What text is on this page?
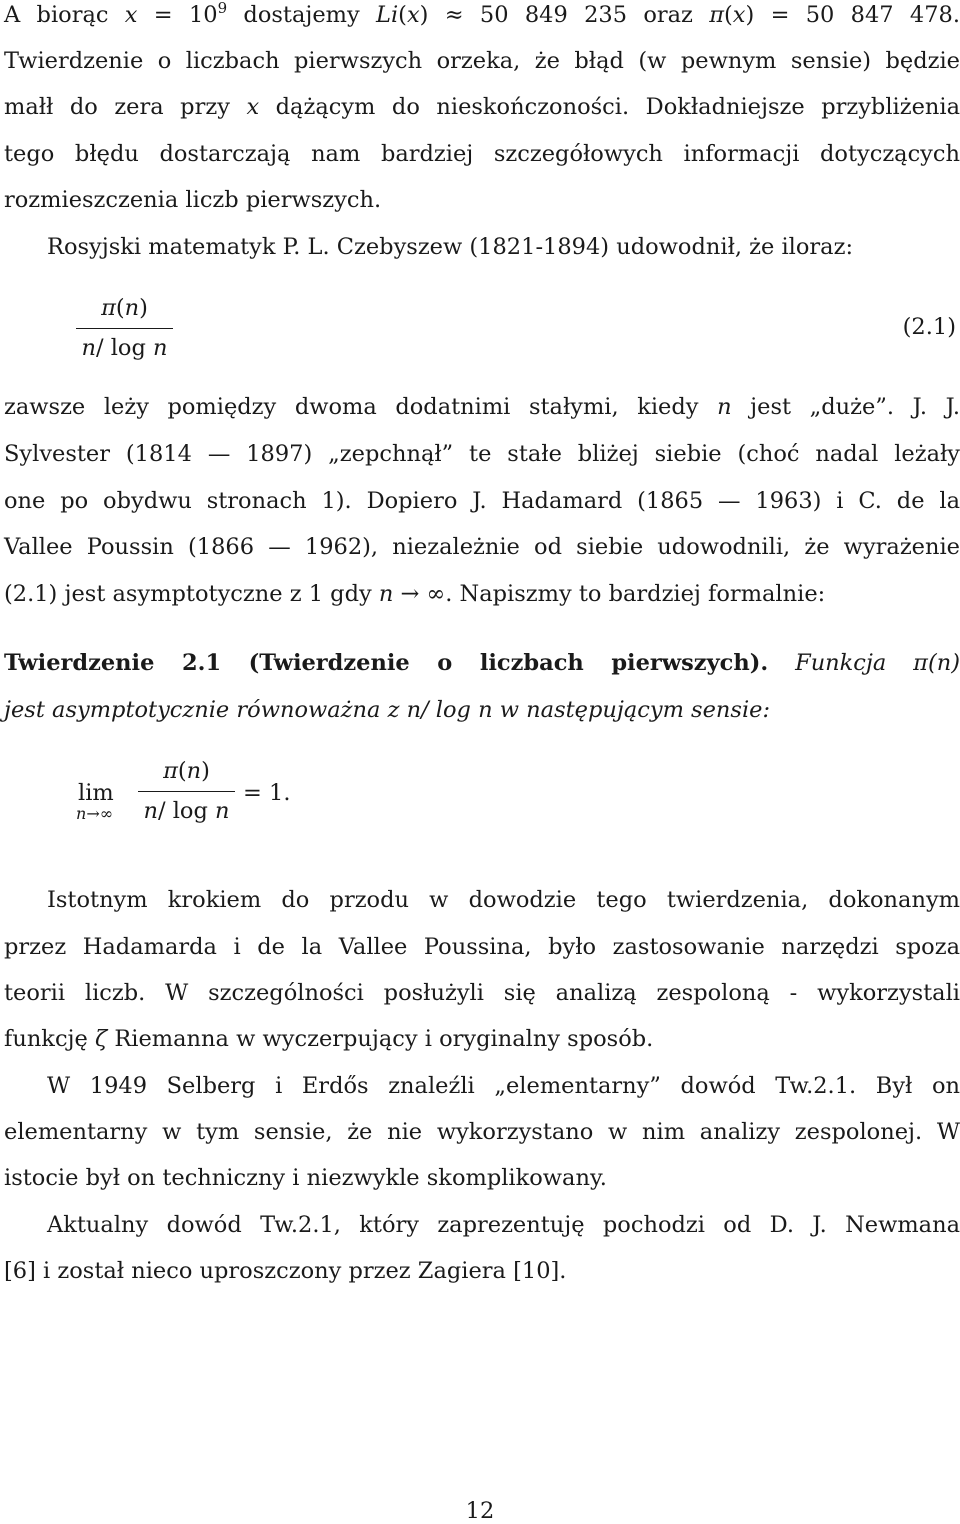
A biorąc $x = 10^9$ dostajemy Li(x) ≈ 50 849 235 oraz π(x) = 50 847 478.
Twierdzenie o liczbach pierwszych orzeka, że błąd (w pewnym sensie) będzie
małł do zera przy x dążącym do nieskończoności. Dokładniejsze przybliżenia
tego błędu dostarczają nam bardziej szczegółowych informacji dotyczących
rozmieszczenia liczb pierwszych.
Rosyjski matematyk P. L. Czebyszew (1821-1894) udowodnił, że iloraz:
π(n)
n/ log n
(2.1)
zawsze leży pomiędzy dwoma dodatnimi stałymi, kiedy n jest „duże”. J. J.
Sylvester (1814 — 1897) „zepchnął” te stałe bliżej siebie (choć nadal leżały
one po obydwu stronach 1). Dopiero J. Hadamard (1865 — 1963) i C. de la
Vallee Poussin (1866 — 1962), niezależnie od siebie udowodnili, że wyrażenie
(2.1) jest asymptotyczne z 1 gdy n → ∞. Napiszmy to bardziej formalnie:
Twierdzenie 2.1 (Twierdzenie o liczbach pierwszych). Funkcja π(n)
jest asymptotycznie równoważna z n/ log n w następującym sensie:
lim
n→∞
π(n)
n/ log n
= 1.
Istotnym krokiem do przodu w dowodzie tego twierdzenia, dokonanym
przez Hadamarda i de la Vallee Poussina, było zastosowanie narzędzi spoza
teorii liczb. W szczególności posłużyli się analizą zespoloną - wykorzystali
funkcję ζ Riemanna w wyczerpujący i oryginalny sposób.
W 1949 Selberg i Erdős znaleźli „elementarny” dowód Tw.2.1. Był on
elementarny w tym sensie, że nie wykorzystano w nim analizy zespolonej. W
istocie był on techniczny i niezwykle skomplikowany.
Aktualny dowód Tw.2.1, który zaprezentuję pochodzi od D. J. Newmana
[6] i został nieco uproszczony przez Zagiera [10].
12
